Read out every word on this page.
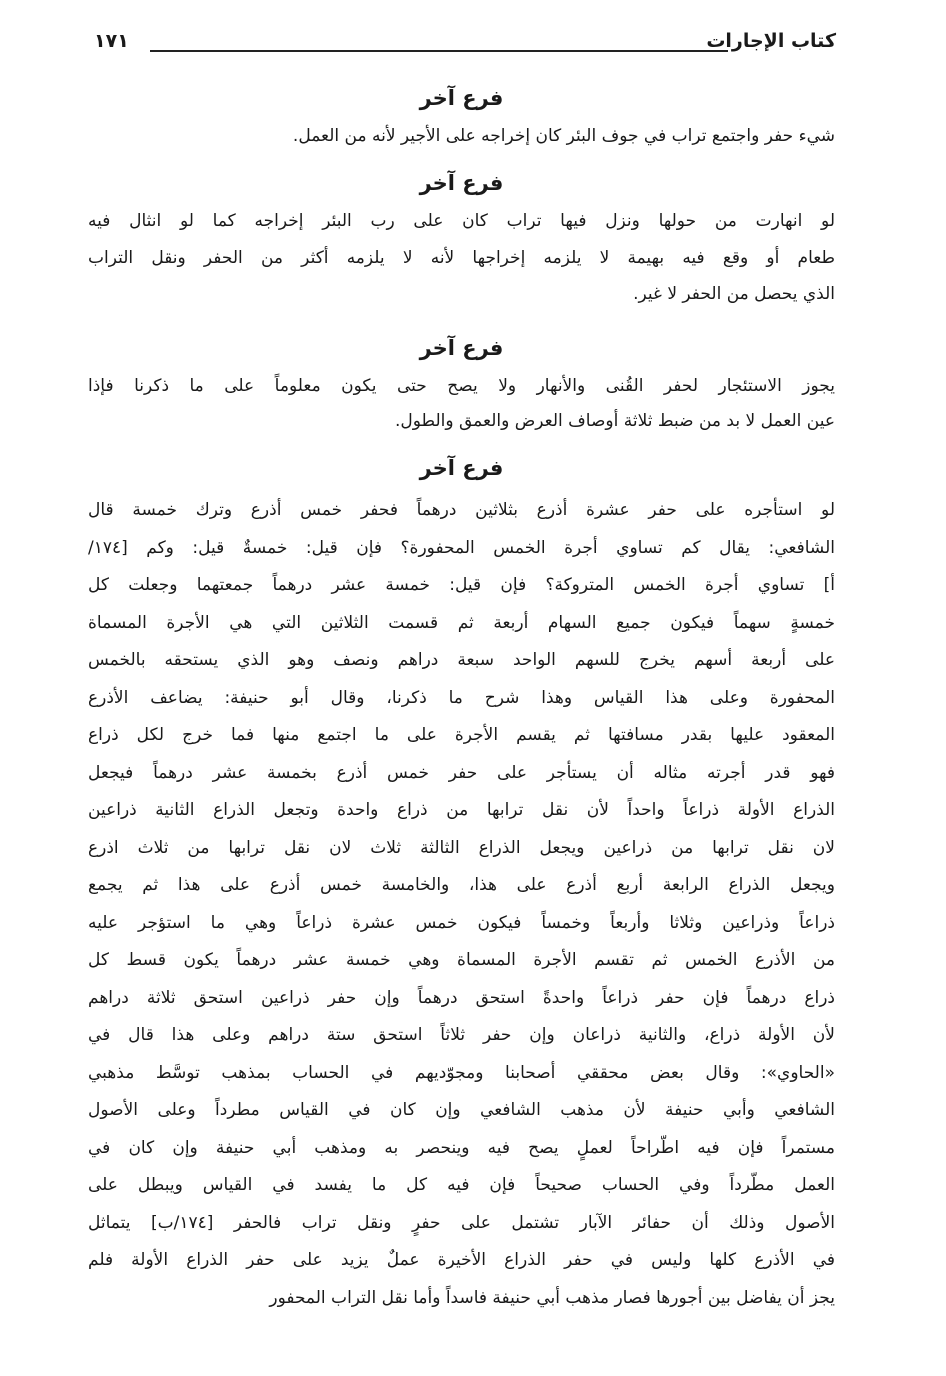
كتاب الإجارات
١٧١
فرع آخر
شيء حفر واجتمع تراب في جوف البئر كان إخراجه على الأجير لأنه من العمل.
فرع آخر
لو انهارت من حولها ونزل فيها تراب كان على رب البئر إخراجه كما لو انثال فيه
طعام أو وقع فيه بهيمة لا يلزمه إخراجها لأنه لا يلزمه أكثر من الحفر ونقل التراب
الذي يحصل من الحفر لا غير.
فرع آخر
يجوز الاستئجار لحفر القُنى والأنهار ولا يصح حتى يكون معلوماً على ما ذكرنا فإذا
عين العمل لا بد من ضبط ثلاثة أوصاف العرض والعمق والطول.
فرع آخر
لو استأجره على حفر عشرة أذرع بثلاثين درهماً فحفر خمس أذرع وترك خمسة قال
الشافعي: يقال كم تساوي أجرة الخمس المحفورة؟ فإن قيل: خمسةٌ قيل: وكم [١٧٤/
أ] تساوي أجرة الخمس المتروكة؟ فإن قيل: خمسة عشر درهماً جمعتهما وجعلت كل
خمسةٍ سهماً فيكون جميع السهام أربعة ثم قسمت الثلاثين التي هي الأجرة المسماة
على أربعة أسهم يخرج للسهم الواحد سبعة دراهم ونصف وهو الذي يستحقه بالخمس
المحفورة وعلى هذا القياس وهذا شرح ما ذكرنا، وقال أبو حنيفة: يضاعف الأذرع
المعقود عليها بقدر مسافتها ثم يقسم الأجرة على ما اجتمع منها فما خرج لكل ذراع
فهو قدر أجرته مثاله أن يستأجر على حفر خمس أذرع بخمسة عشر درهماً فيجعل
الذراع الأولة ذراعاً واحداً لأن نقل ترابها من ذراع واحدة وتجعل الذراع الثانية ذراعين
لان نقل ترابها من ذراعين ويجعل الذراع الثالثة ثلاث لان نقل ترابها من ثلاث اذرع
ويجعل الذراع الرابعة أربع أذرع على هذا، والخامسة خمس أذرع على هذا ثم يجمع
ذراعاً وذراعين وثلاثا وأربعاً وخمساً فيكون خمس عشرة ذراعاً وهي ما استؤجر عليه
من الأذرع الخمس ثم تقسم الأجرة المسماة وهي خمسة عشر درهماً يكون قسط كل
ذراع درهماً فإن حفر ذراعاً واحدةً استحق درهماً وإن حفر ذراعين استحق ثلاثة دراهم
لأن الأولة ذراع، والثانية ذراعان وإن حفر ثلاثاً استحق ستة دراهم وعلى هذا قال في
«الحاوي»: وقال بعض محققي أصحابنا ومجوّديهم في الحساب بمذهب توسَّط مذهبي
الشافعي وأبي حنيفة لأن مذهب الشافعي وإن كان في القياس مطرداً وعلى الأصول
مستمراً فإن فيه اطّراحاً لعملٍ يصح فيه وينحصر به ومذهب أبي حنيفة وإن كان في
العمل مطّرداً وفي الحساب صحيحاً فإن فيه كل ما يفسد في القياس ويبطل على
الأصول وذلك أن حفائر الآبار تشتمل على حفرٍ ونقل تراب فالحفر [١٧٤/ب] يتماثل
في الأذرع كلها وليس في حفر الذراع الأخيرة عملٌ يزيد على حفر الذراع الأولة فلم
يجز أن يفاضل بين أجورها فصار مذهب أبي حنيفة فاسداً وأما نقل التراب المحفور
